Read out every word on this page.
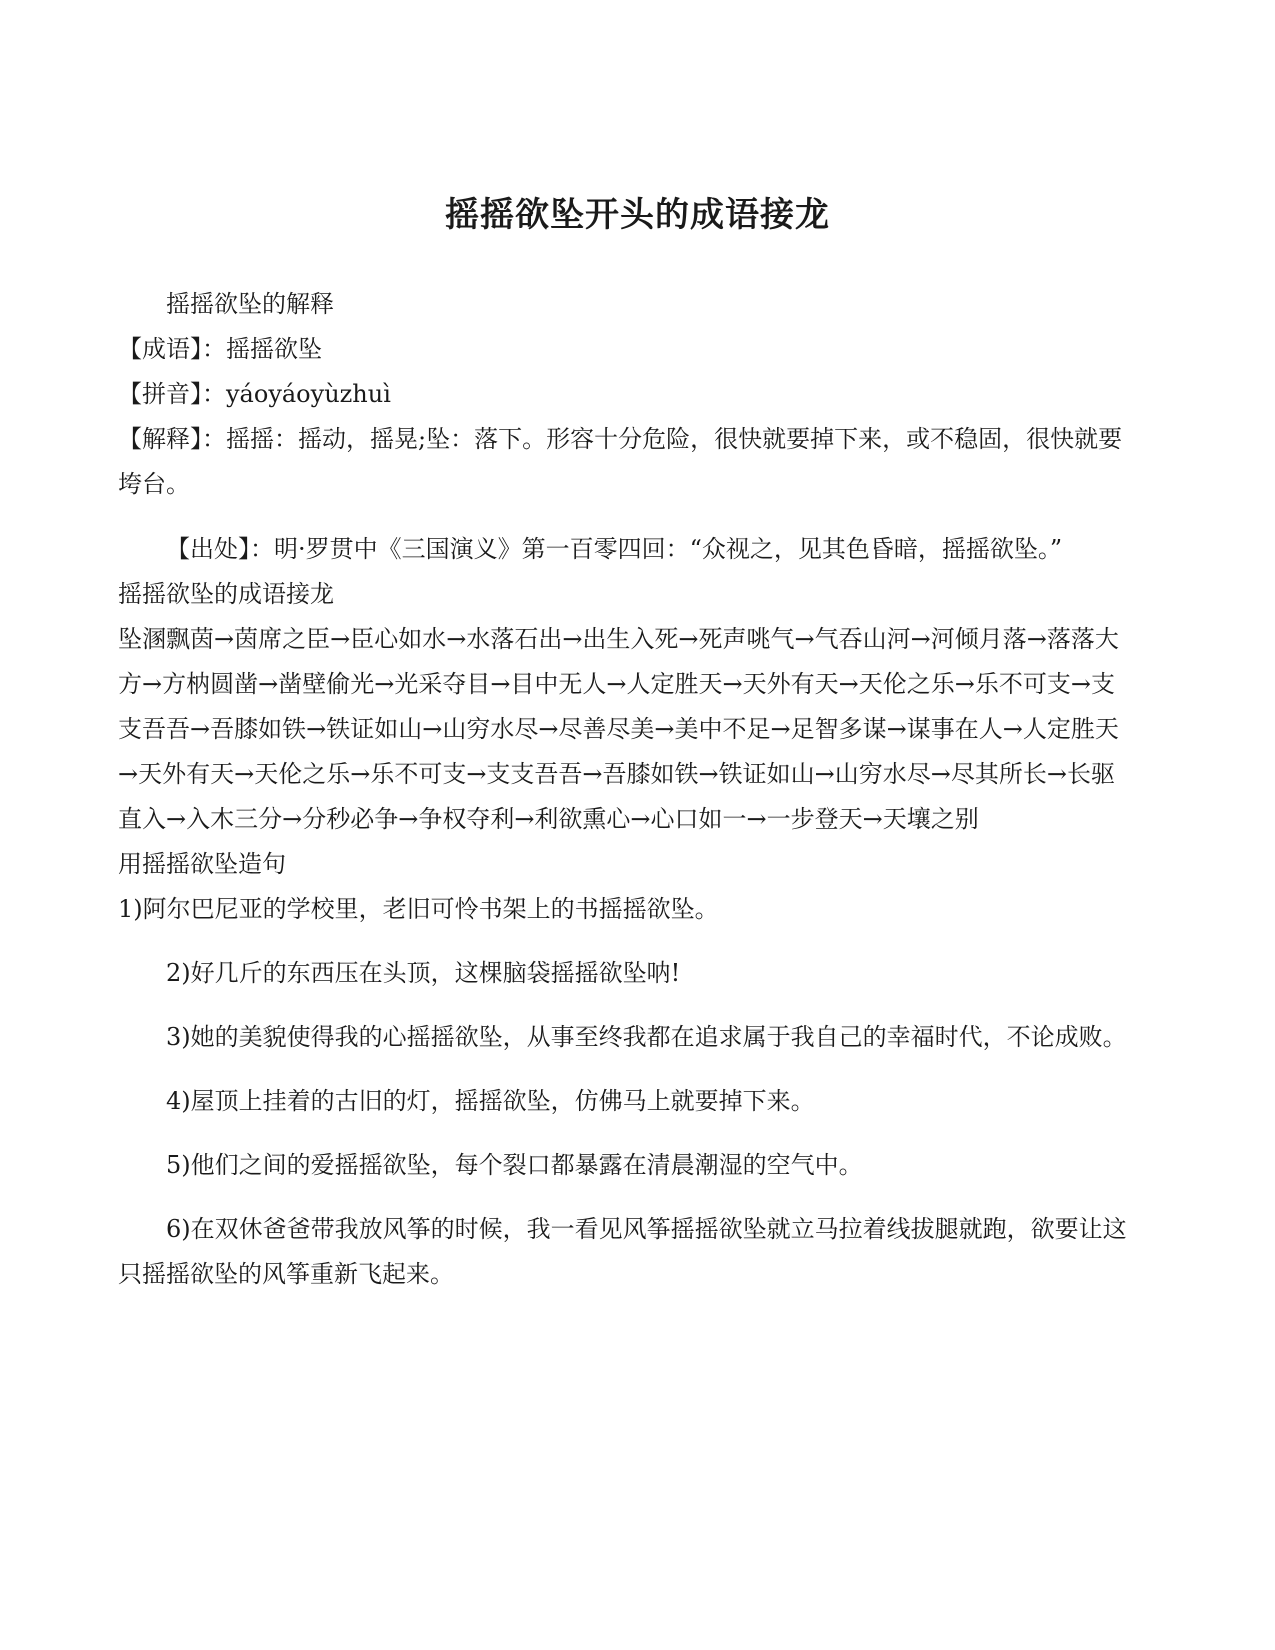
摇摇欲坠开头的成语接龙

摇摇欲坠的解释

【成语】：摇摇欲坠

【拼音】：yáoyáoyùzhuì

【解释】：摇摇：摇动，摇晃;坠：落下。形容十分危险，很快就要掉下来，或不稳固，很快就要垮台。

【出处】：明·罗贯中《三国演义》第一百零四回：“众视之，见其色昏暗，摇摇欲坠。”

摇摇欲坠的成语接龙

坠溷飘茵→茵席之臣→臣心如水→水落石出→出生入死→死声咷气→气吞山河→河倾月落→落落大方→方枘圆凿→凿壁偷光→光采夺目→目中无人→人定胜天→天外有天→天伦之乐→乐不可支→支支吾吾→吾膝如铁→铁证如山→山穷水尽→尽善尽美→美中不足→足智多谋→谋事在人→人定胜天→天外有天→天伦之乐→乐不可支→支支吾吾→吾膝如铁→铁证如山→山穷水尽→尽其所长→长驱直入→入木三分→分秒必争→争权夺利→利欲熏心→心口如一→一步登天→天壤之别

用摇摇欲坠造句

1)阿尔巴尼亚的学校里，老旧可怜书架上的书摇摇欲坠。

2)好几斤的东西压在头顶，这棵脑袋摇摇欲坠呐!

3)她的美貌使得我的心摇摇欲坠，从事至终我都在追求属于我自己的幸福时代，不论成败。

4)屋顶上挂着的古旧的灯，摇摇欲坠，仿佛马上就要掉下来。

5)他们之间的爱摇摇欲坠，每个裂口都暴露在清晨潮湿的空气中。

6)在双休爸爸带我放风筝的时候，我一看见风筝摇摇欲坠就立马拉着线拔腿就跑，欲要让这只摇摇欲坠的风筝重新飞起来。
